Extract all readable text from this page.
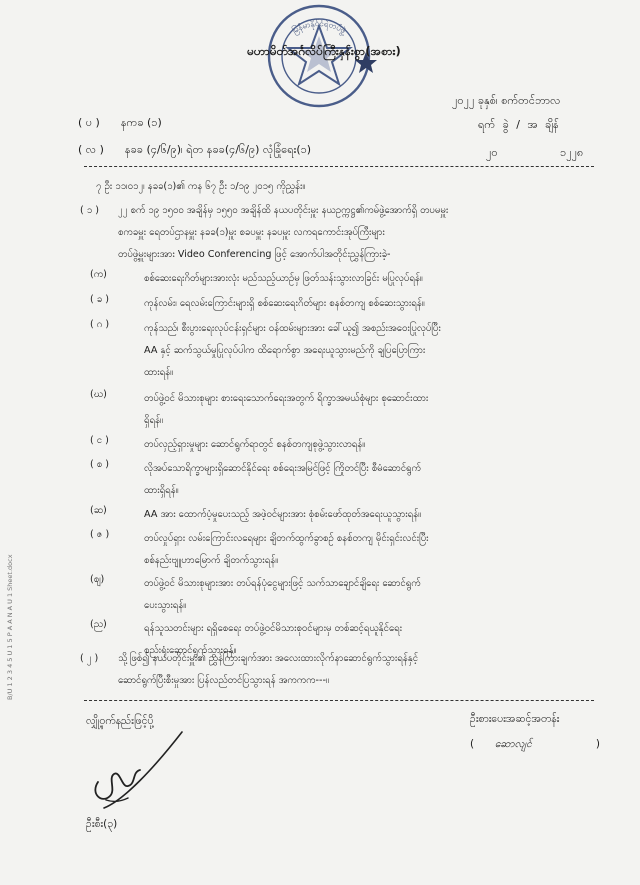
မြန်မာနိုင်ငံရဲတပ်ဖွဲ့
မဟာမိတ်အင်္ဂလိပ်ကြီးနှန်းစွာ(အစား)
( ပ ) နကခ (၁)
( လ ) နခခ (၄/၆/၉)၊ ရဲတ နခခ(၄/၆/၉) လုံခြုံရေး(၁)
၂၀၂၂ ခုနှစ်၊ စက်တင်ဘာလ
ရက် ခွဲ / အ ချိန်
၂၀	၁၂၂၈
၇ ဦး ၁၁၊၀၁၂၊ နခခ(၁)၏ ကန ၆၇ ဦး ၁/၁၉ ၂၀၁၅ ကိုညွှန်း။
( ၁ ) ၂၂ စက် ၁၉ ၁၅၀၀ အချိန်မှ ၁၅၅၀ အချိန်ထိ နယပတိုင်းမှူး နယဥက္ကဋ္ဌ၏ကမ်ဖွဲ့အောက်ရှိ တပမမှူး
စကခမှူး ရေတပ်ဌာနမှူး နခခ(၁)မှူး စခပမှူး နခပမှူး လကရကောင်းအုပ်ကြီးများ
တပ်ဖွဲ့မှူးများအား Video Conferencing ဖြင့် အောက်ပါအတိုင်းညွှန်ကြားခဲ့-
(က)	စစ်ဆေးရေးဂိတ်များအားလုံး မည်သည့်ယာဉ်မှ ဖြတ်သန်းသွားလာခြင်း မပြုလုပ်ရန်။
( ခ )	ကုန်လမ်း၊ ရေလမ်းကြောင်းများရှိ စစ်ဆေးရေးဂိတ်များ စနစ်တကျ စစ်ဆေးသွားရန်။
( ဂ )	ကုန်သည်၊ စီးပွားရေးလုပ်ငန်းရှင်များ ဝန်ထမ်းများအား ခေါ်ယူ၍ အစည်းအဝေးပြုလုပ်ပြီး
AA နှင့် ဆက်သွယ်မှုပြုလုပ်ပါက ထိရောက်စွာ အရေးယူသွားမည်ကို ချပြပြောကြား
ထားရန်။
(ဃ)	တပ်ဖွဲ့ဝင် မိသားစုများ စားရေးသောက်ရေးအတွက် ရိက္ခာအမယ်စုံများ စုဆောင်းထား
ရှိရန်။
( င )	တပ်လှည့်ရှားမှုများ ဆောင်ရွက်ရာတွင် စနစ်တကျစုဖွဲ့သွားလာရန်။
( စ )	လိုအပ်သောရိက္ခာများရှိဆောင်နိုင်ရေး စစ်ရေးအမြင်ဖြင့် ကြိုတင်ပြီး စီမံဆောင်ရွက်
ထားရှိရန်။
(ဆ)	AA အား ထောက်ပံ့မှုပေးသည့် အဖဲ့ဝင်များအား စုံစမ်းဖော်ထုတ်အရေးယူသွားရန်။
( ဇ )	တပ်လှုပ်ရှား လမ်းကြောင်းလရေများ ချိတက်ထွက်ခွာစဉ် စနစ်တကျ မိုင်းရှင်းလင်းပြီး
စစ်နည်းဗျူဟာမြောက် ချိတက်သွားရန်။
(ဈ)	တပ်ဖွဲ့ဝင် မိသားစုများအား တပ်ရန်ပုံငွေများဖြင့် သက်သာချောင်ချိရေး ဆောင်ရွက်
ပေးသွားရန်။
(ည)	ရန်သူသတင်းများ ရရှိစေရေး တပ်ဖွဲ့ဝင်မိသားစုဝင်များမှ တစ်ဆင့်ရယူနိုင်ရေး
စည်းရုံးဆောင်ရွက်သွားရန်။
( ၂ ) သို့ဖြစ်၍ နယပတိုင်းမှူး၏ ညွှန်ကြားချက်အား အလေးထားလိုက်နာဆောင်ရွက်သွားရန်နှင့်
ဆောင်ရွက်ပြီးစီးမှုအား ပြန်လည်တင်ပြသွားရန် အကကက---။
လျှို့ဝှက်နည်းဖြင့်ပို့	ဦးစားပေးအဆင့်အတန်း
( ဆောလျင်	)
ဦးစီး(၃)
B/U 1 2 3 4 5 U 1 5 P A A N A U 1 Sheet.docx
